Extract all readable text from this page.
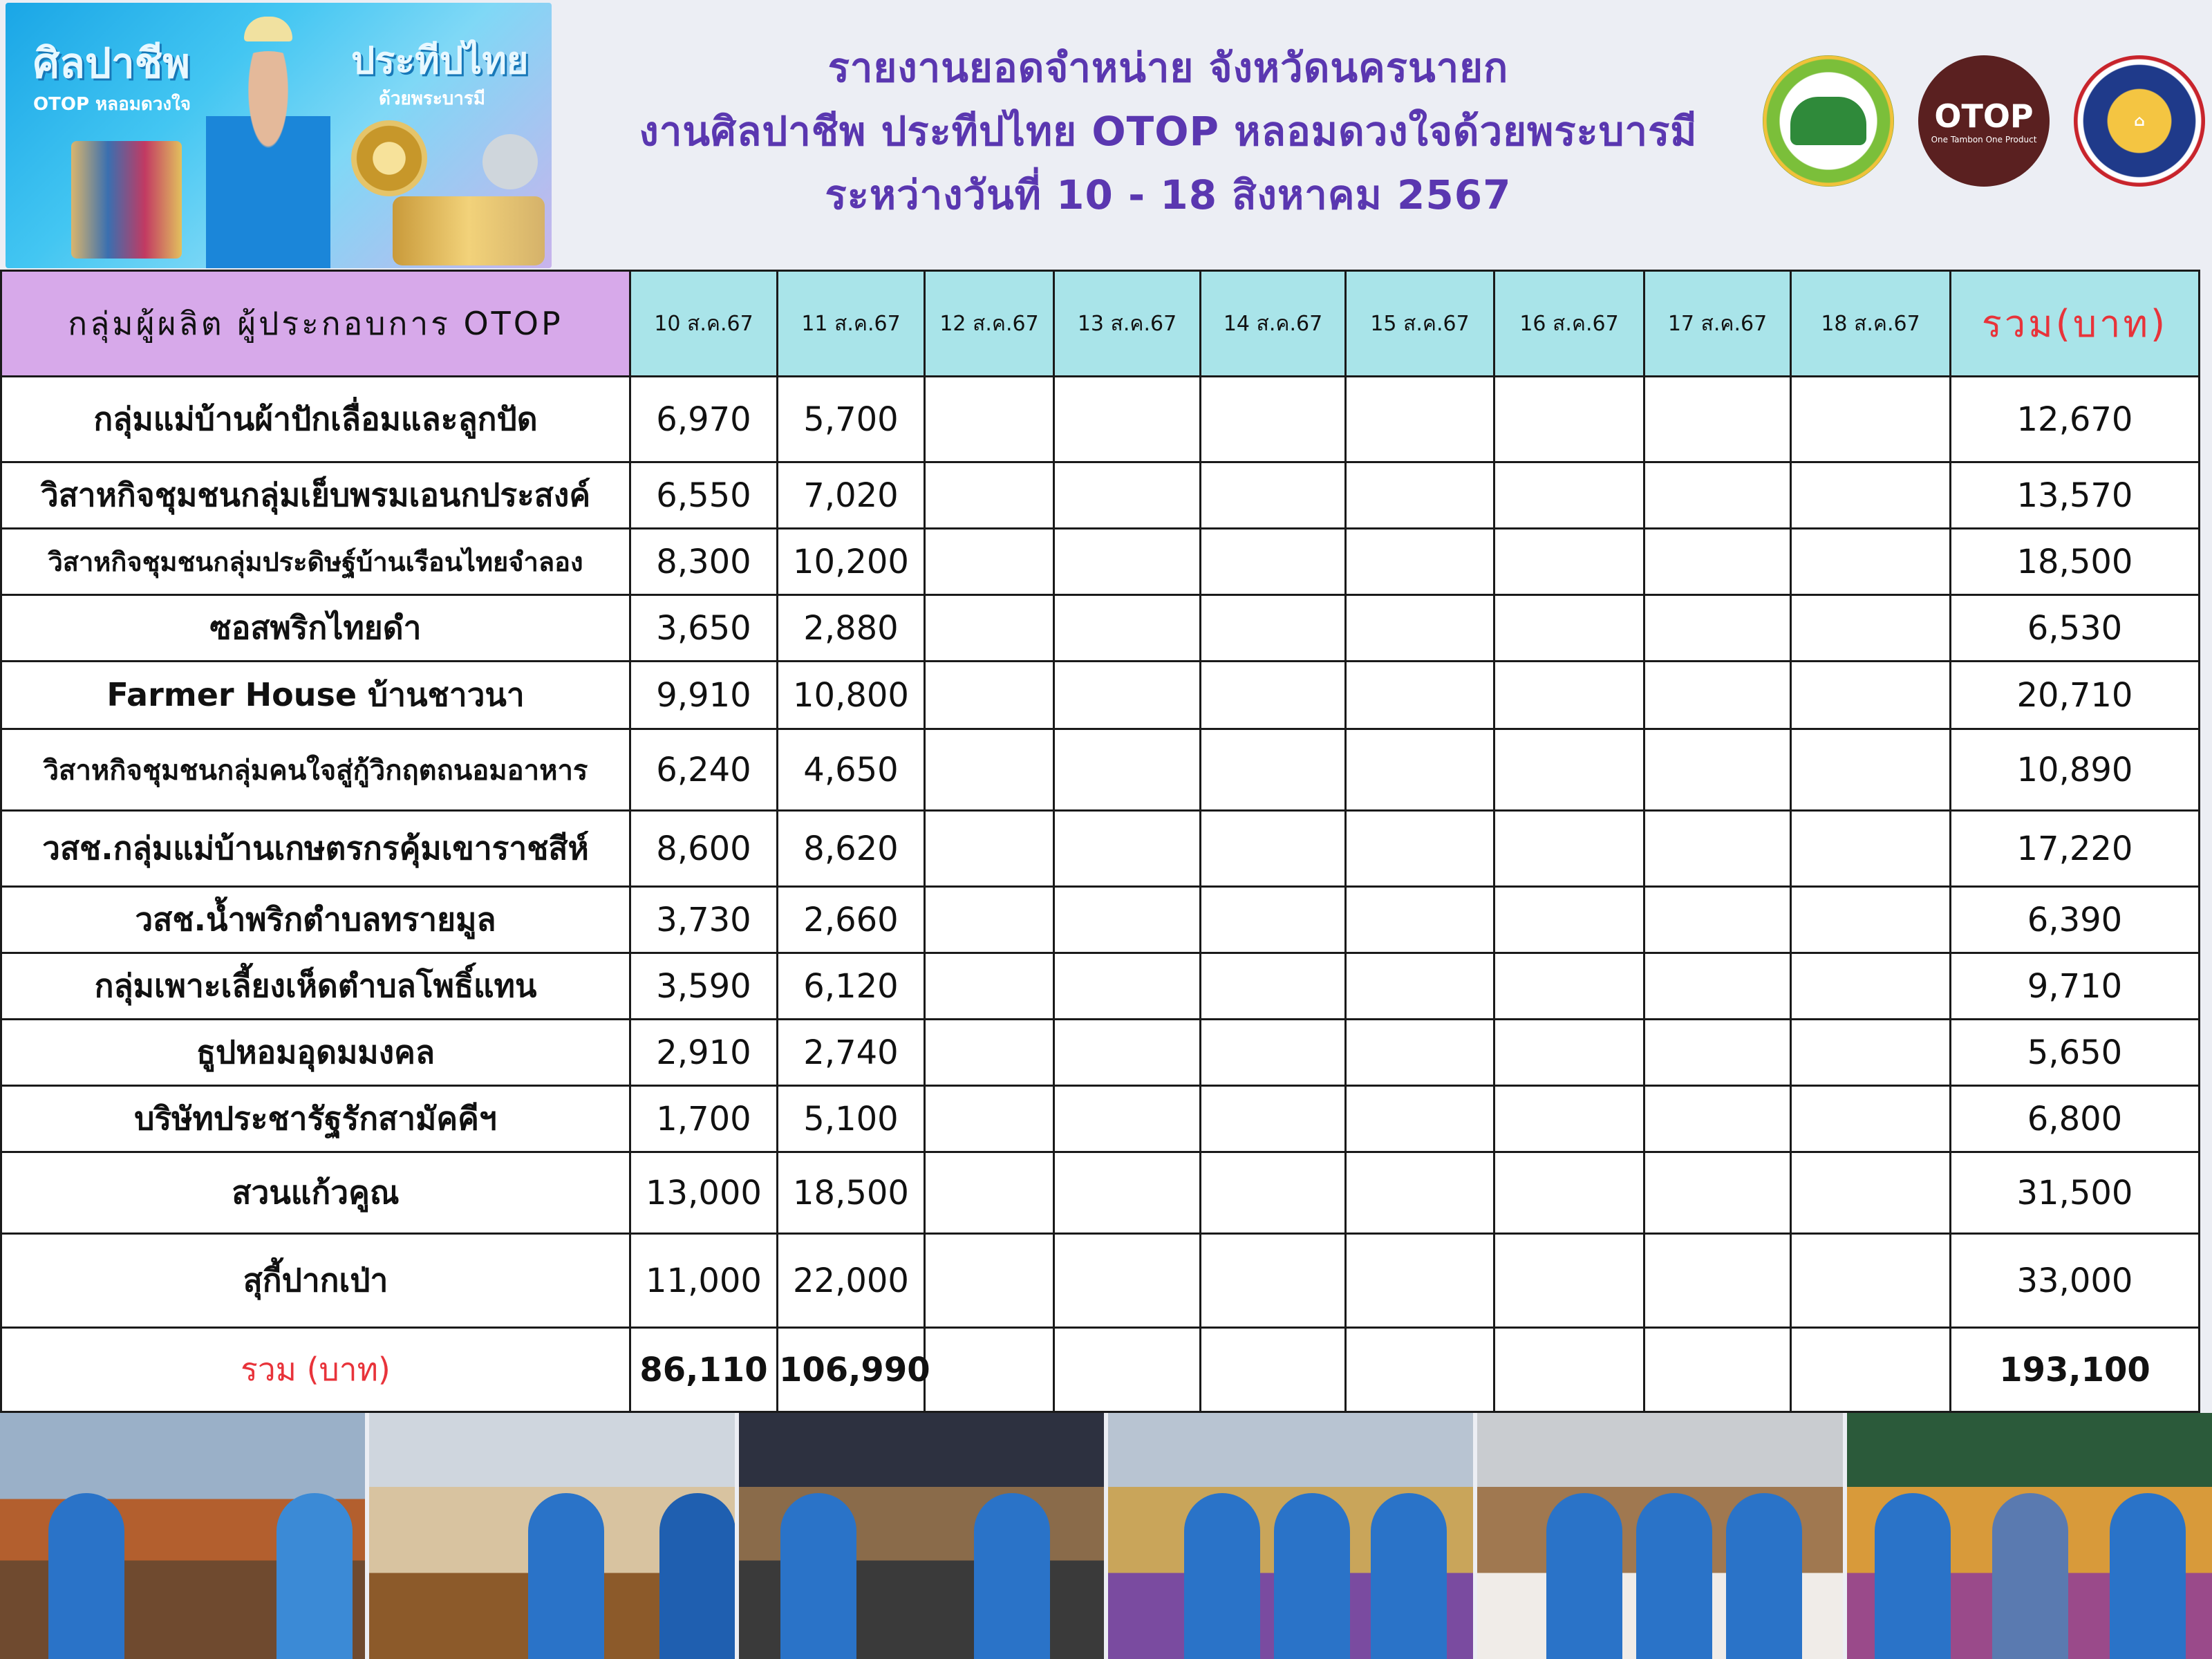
ศิลปาชีพ	ประทีปไทย
OTOP หลอมดวงใจ	ด้วยพระบารมี
รายงานยอดจำหน่าย จังหวัดนครนายก
งานศิลปาชีพ ประทีปไทย OTOP หลอมดวงใจด้วยพระบารมี
ระหว่างวันที่ 10 - 18 สิงหาคม 2567
OTOP
One Tambon One Product
⌂
กลุ่มผู้ผลิต ผู้ประกอบการ OTOP	10 ส.ค.67	11 ส.ค.67	12 ส.ค.67	13 ส.ค.67	14 ส.ค.67	15 ส.ค.67	16 ส.ค.67	17 ส.ค.67	18 ส.ค.67	รวม(บาท)
กลุ่มแม่บ้านผ้าปักเลื่อมและลูกปัด	6,970	5,700								12,670
วิสาหกิจชุมชนกลุ่มเย็บพรมเอนกประสงค์	6,550	7,020								13,570
วิสาหกิจชุมชนกลุ่มประดิษฐ์บ้านเรือนไทยจำลอง	8,300	10,200								18,500
ซอสพริกไทยดำ	3,650	2,880								6,530
Farmer House บ้านชาวนา	9,910	10,800								20,710
วิสาหกิจชุมชนกลุ่มคนใจสู่กู้วิกฤตถนอมอาหาร	6,240	4,650								10,890
วสช.กลุ่มแม่บ้านเกษตรกรคุ้มเขาราชสีห์	8,600	8,620								17,220
วสช.น้ำพริกตำบลทรายมูล	3,730	2,660								6,390
กลุ่มเพาะเลี้ยงเห็ดตำบลโพธิ์แทน	3,590	6,120								9,710
ธูปหอมอุดมมงคล	2,910	2,740								5,650
บริษัทประชารัฐรักสามัคคีฯ	1,700	5,100								6,800
สวนแก้วคูณ	13,000	18,500								31,500
สุกี้ปากเป่า	11,000	22,000								33,000
รวม (บาท)	86,110	106,990								193,100
